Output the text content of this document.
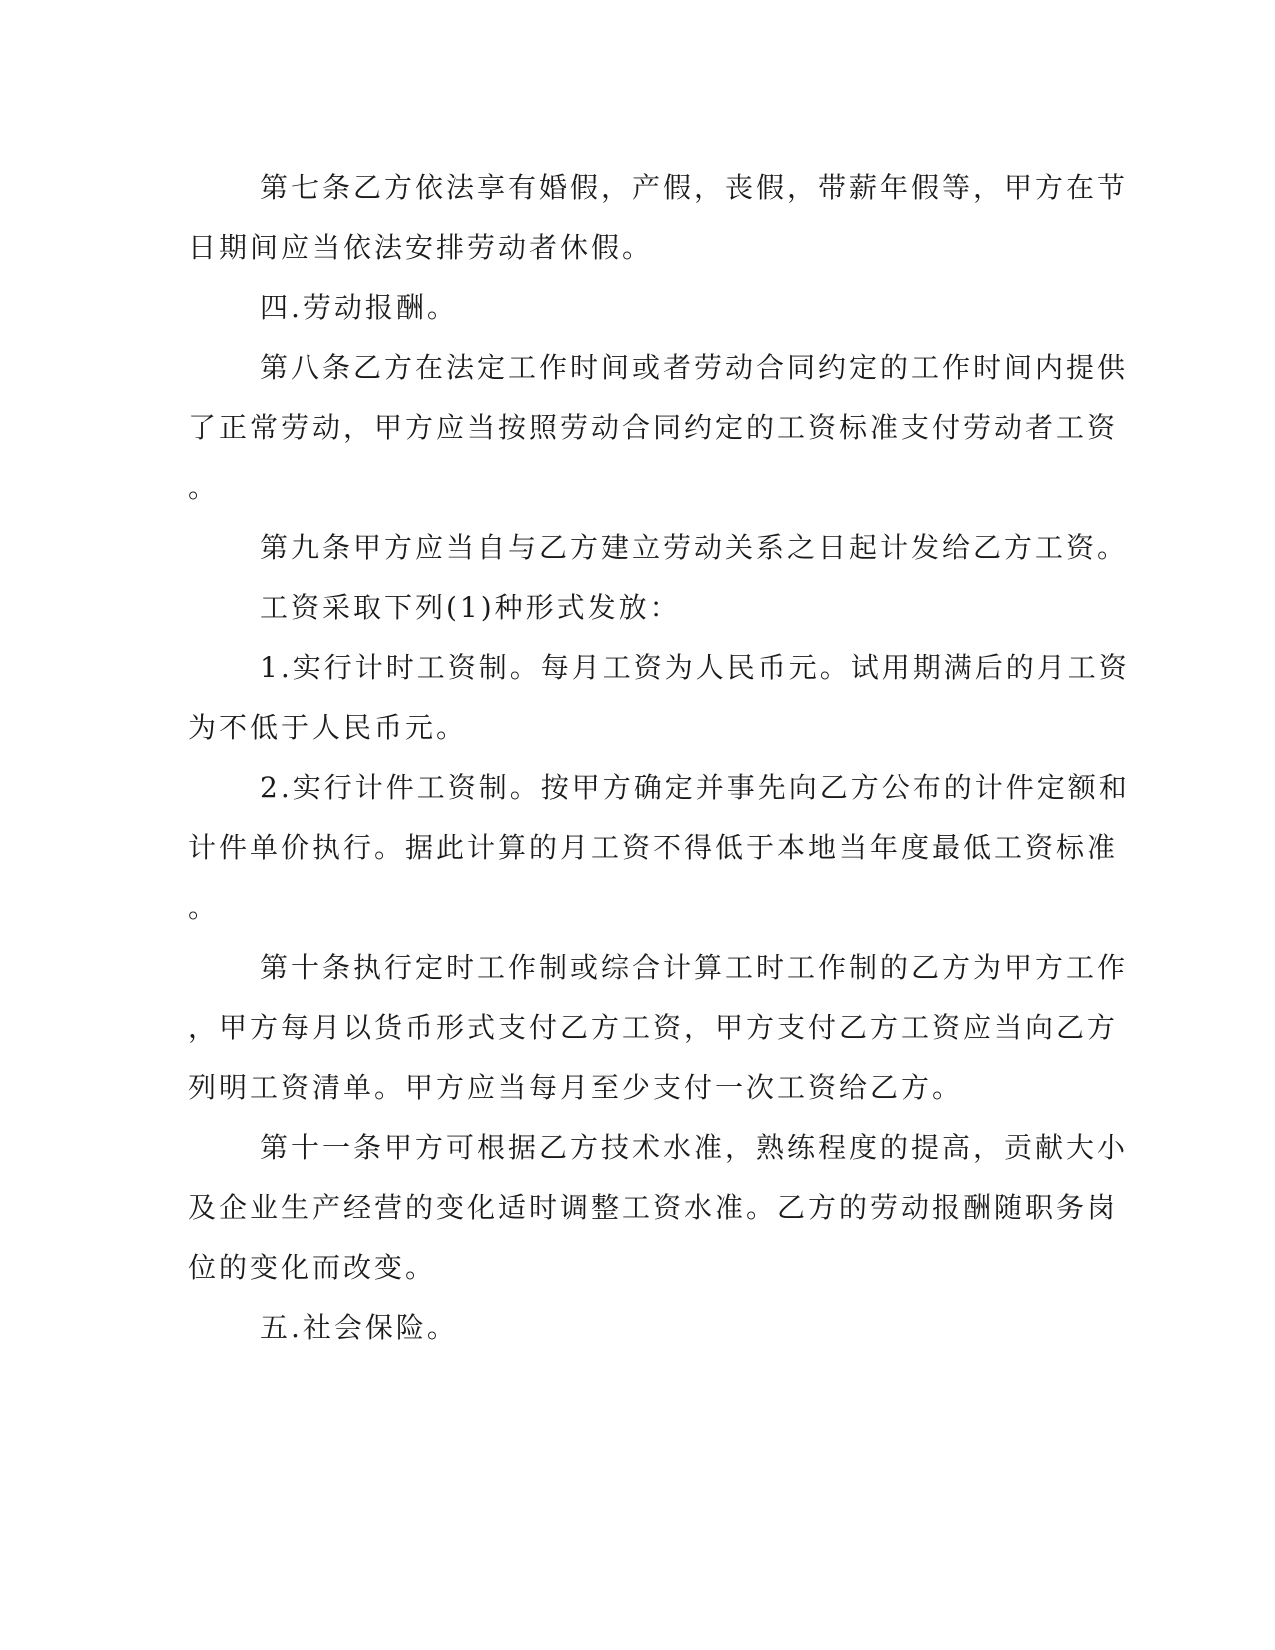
第七条乙方依法享有婚假，产假，丧假，带薪年假等，甲方在节
日期间应当依法安排劳动者休假。
四.劳动报酬。
第八条乙方在法定工作时间或者劳动合同约定的工作时间内提供
了正常劳动，甲方应当按照劳动合同约定的工资标准支付劳动者工资
。
第九条甲方应当自与乙方建立劳动关系之日起计发给乙方工资。
工资采取下列(1)种形式发放：
1.实行计时工资制。每月工资为人民币元。试用期满后的月工资
为不低于人民币元。
2.实行计件工资制。按甲方确定并事先向乙方公布的计件定额和
计件单价执行。据此计算的月工资不得低于本地当年度最低工资标准
。
第十条执行定时工作制或综合计算工时工作制的乙方为甲方工作
，甲方每月以货币形式支付乙方工资，甲方支付乙方工资应当向乙方
列明工资清单。甲方应当每月至少支付一次工资给乙方。
第十一条甲方可根据乙方技术水准，熟练程度的提高，贡献大小
及企业生产经营的变化适时调整工资水准。乙方的劳动报酬随职务岗
位的变化而改变。
五.社会保险。
